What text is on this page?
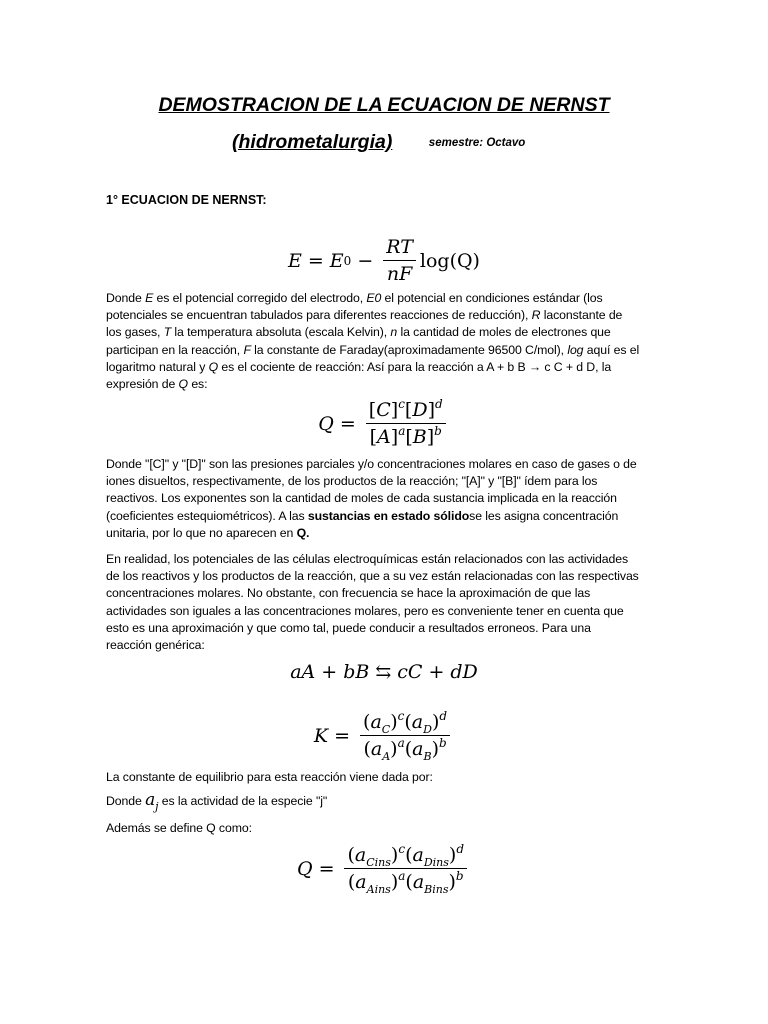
DEMOSTRACION DE LA ECUACION DE NERNST
(hidrometalurgia)	semestre: Octavo
1° ECUACION DE NERNST:
E = E $0 - \frac{RT}{nF} \log(Q)$
Donde E es el potencial corregido del electrodo, E0 el potencial en condiciones estándar (los
potenciales se encuentran tabulados para diferentes reacciones de reducción), R laconstante de
los gases, T la temperatura absoluta (escala Kelvin), n la cantidad de moles de electrones que
participan en la reacción, F la constante de Faraday(aproximadamente 96500 C/mol), log aquí es el
logaritmo natural y Q es el cociente de reacción: Así para la reacción a A + b B → c C + d D, la
expresión de Q es:
$Q = \frac{[C]^c[D]^d}{[A]^a[B]^b}$
Donde "[C]" y "[D]" son las presiones parciales y/o concentraciones molares en caso de gases o de
iones disueltos, respectivamente, de los productos de la reacción; "[A]" y "[B]" ídem para los
reactivos. Los exponentes son la cantidad de moles de cada sustancia implicada en la reacción
(coeficientes estequiométricos). A las sustancias en estado sólidose les asigna concentración
unitaria, por lo que no aparecen en Q.
En realidad, los potenciales de las células electroquímicas están relacionados con las actividades
de los reactivos y los productos de la reacción, que a su vez están relacionadas con las respectivas
concentraciones molares. No obstante, con frecuencia se hace la aproximación de que las
actividades son iguales a las concentraciones molares, pero es conveniente tener en cuenta que
esto es una aproximación y que como tal, puede conducir a resultados erroneos. Para una
reacción genérica:
a A + b B ⇆ c C + d D
$K = \frac{(a_C)^c(a_D)^d}{(a_A)^a(a_B)^b}$
La constante de equilibrio para esta reacción viene dada por:
Donde $a_j$ es la actividad de la especie "j"
Además se define Q como:
$Q = \frac{(a_{Cins})^c(a_{Dins})^d}{(a_{Ains})^a(a_{Bins})^b}$
